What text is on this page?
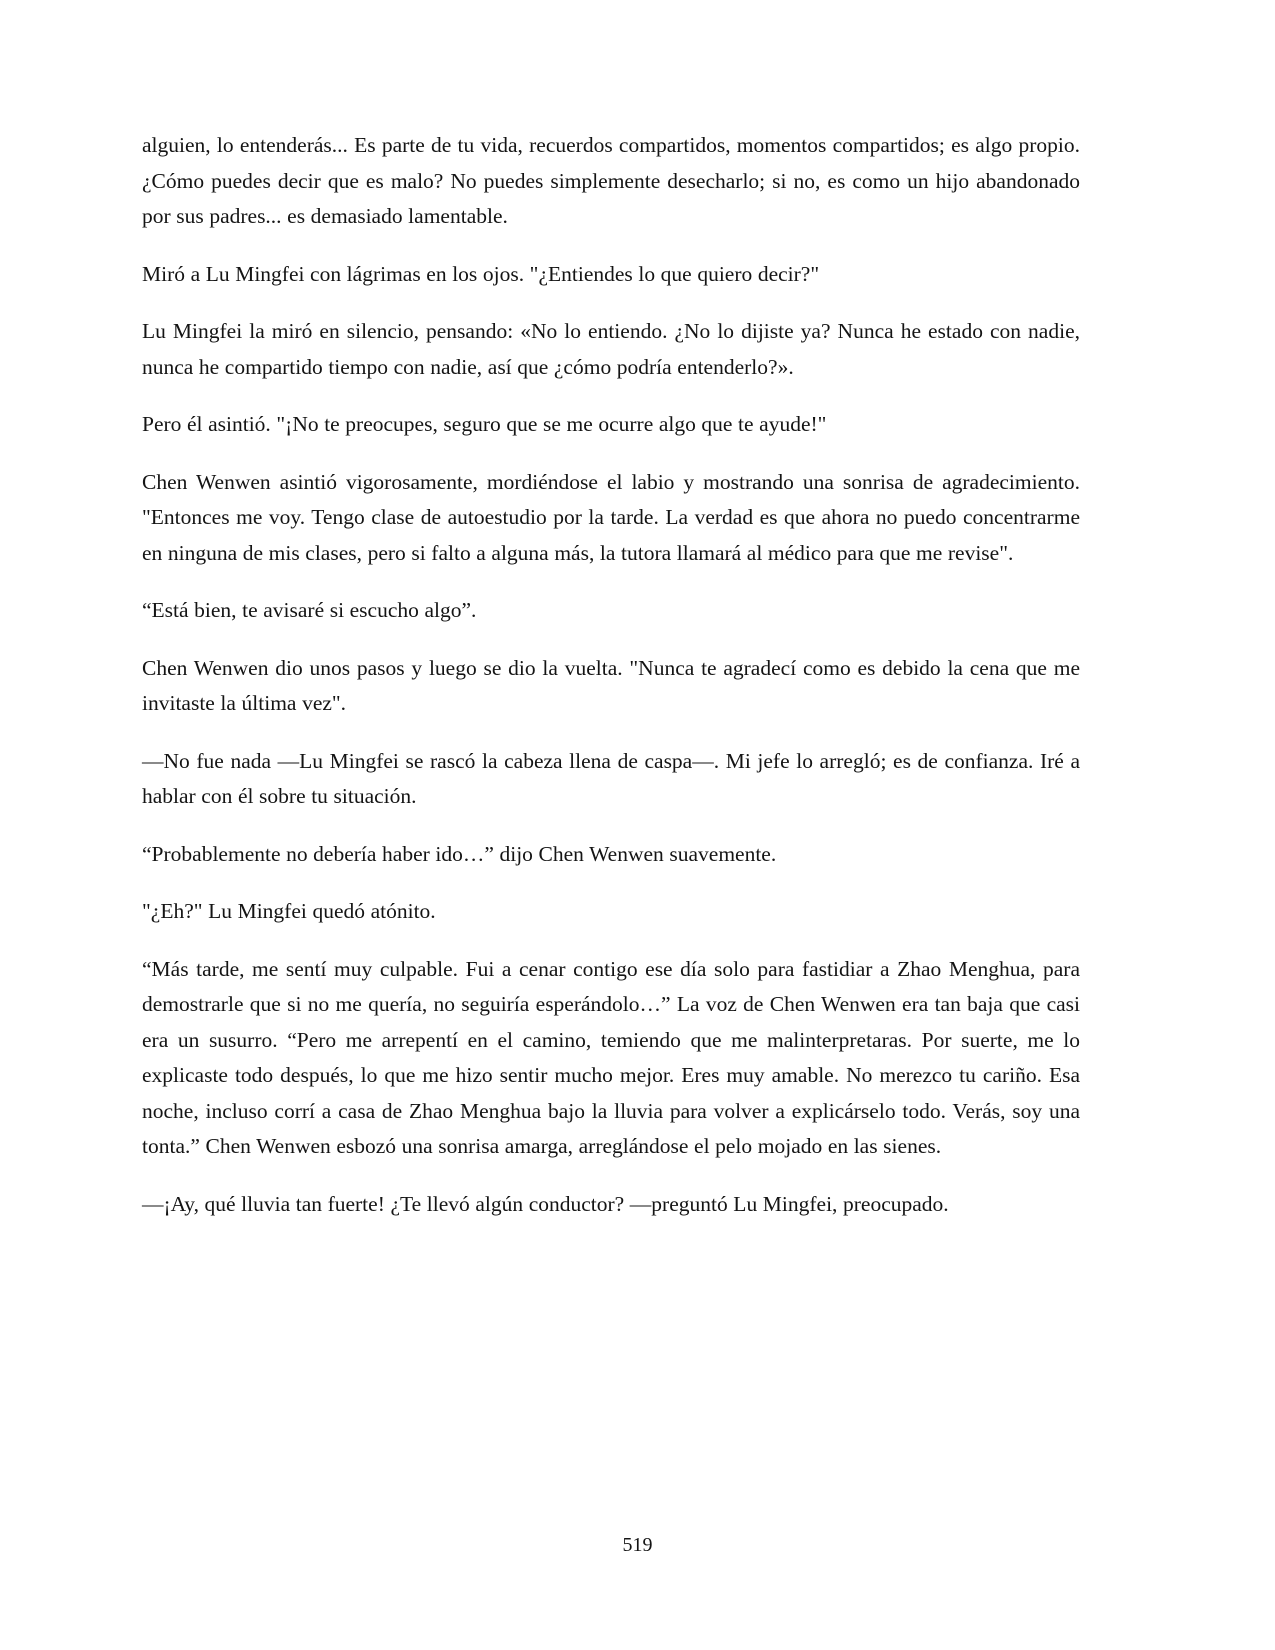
alguien, lo entenderás... Es parte de tu vida, recuerdos compartidos, momentos compartidos; es algo propio. ¿Cómo puedes decir que es malo? No puedes simplemente desecharlo; si no, es como un hijo abandonado por sus padres... es demasiado lamentable.

Miró a Lu Mingfei con lágrimas en los ojos. "¿Entiendes lo que quiero decir?"

Lu Mingfei la miró en silencio, pensando: «No lo entiendo. ¿No lo dijiste ya? Nunca he estado con nadie, nunca he compartido tiempo con nadie, así que ¿cómo podría entenderlo?».

Pero él asintió. "¡No te preocupes, seguro que se me ocurre algo que te ayude!"

Chen Wenwen asintió vigorosamente, mordiéndose el labio y mostrando una sonrisa de agradecimiento. "Entonces me voy. Tengo clase de autoestudio por la tarde. La verdad es que ahora no puedo concentrarme en ninguna de mis clases, pero si falto a alguna más, la tutora llamará al médico para que me revise".

“Está bien, te avisaré si escucho algo”.

Chen Wenwen dio unos pasos y luego se dio la vuelta. "Nunca te agradecí como es debido la cena que me invitaste la última vez".

—No fue nada —Lu Mingfei se rascó la cabeza llena de caspa—. Mi jefe lo arregló; es de confianza. Iré a hablar con él sobre tu situación.

“Probablemente no debería haber ido…” dijo Chen Wenwen suavemente.

"¿Eh?" Lu Mingfei quedó atónito.

“Más tarde, me sentí muy culpable. Fui a cenar contigo ese día solo para fastidiar a Zhao Menghua, para demostrarle que si no me quería, no seguiría esperándolo…” La voz de Chen Wenwen era tan baja que casi era un susurro. “Pero me arrepentí en el camino, temiendo que me malinterpretaras. Por suerte, me lo explicaste todo después, lo que me hizo sentir mucho mejor. Eres muy amable. No merezco tu cariño. Esa noche, incluso corrí a casa de Zhao Menghua bajo la lluvia para volver a explicárselo todo. Verás, soy una tonta.” Chen Wenwen esbozó una sonrisa amarga, arreglándose el pelo mojado en las sienes.

—¡Ay, qué lluvia tan fuerte! ¿Te llevó algún conductor? —preguntó Lu Mingfei, preocupado.

519
